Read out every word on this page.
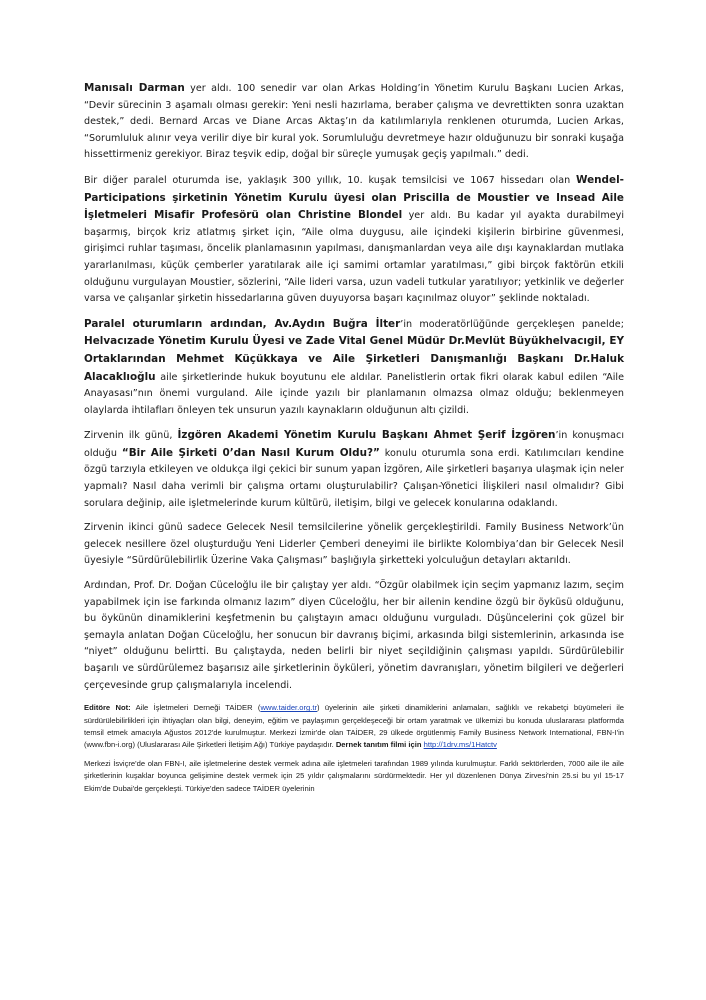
Manısalı Darman yer aldı. 100 senedir var olan Arkas Holding’in Yönetim Kurulu Başkanı Lucien Arkas, “Devir sürecinin 3 aşamalı olması gerekir: Yeni nesli hazırlama, beraber çalışma ve devrettikten sonra uzaktan destek,” dedi. Bernard Arcas ve Diane Arcas Aktaş’ın da katılımlarıyla renklenen oturumda, Lucien Arkas, “Sorumluluk alınır veya verilir diye bir kural yok. Sorumluluğu devretmeye hazır olduğunuzu bir sonraki kuşağa hissettirmeniz gerekiyor. Biraz teşvik edip, doğal bir süreçle yumuşak geçiş yapılmalı.” dedi.

Bir diğer paralel oturumda ise, yaklaşık 300 yıllık, 10. kuşak temsilcisi ve 1067 hissedarı olan Wendel-Participations şirketinin Yönetim Kurulu üyesi olan Priscilla de Moustier ve Insead Aile İşletmeleri Misafir Profesörü olan Christine Blondel yer aldı. Bu kadar yıl ayakta durabilmeyi başarmış, birçok kriz atlatmış şirket için, “Aile olma duygusu, aile içindeki kişilerin birbirine güvenmesi, girişimci ruhlar taşıması, öncelik planlamasının yapılması, danışmanlardan veya aile dışı kaynaklardan mutlaka yararlanılması, küçük çemberler yaratılarak aile içi samimi ortamlar yaratılması,” gibi birçok faktörün etkili olduğunu vurgulayan Moustier, sözlerini, “Aile lideri varsa, uzun vadeli tutkular yaratılıyor; yetkinlik ve değerler varsa ve çalışanlar şirketin hissedarlarına güven duyuyorsa başarı kaçınılmaz oluyor” şeklinde noktaladı.

Paralel oturumların ardından, Av.Aydın Buğra İlter’in moderatörlüğünde gerçekleşen panelde; Helvacızade Yönetim Kurulu Üyesi ve Zade Vital Genel Müdür Dr.Mevlüt Büyükhelvacıgil, EY Ortaklarından Mehmet Küçükkaya ve Aile Şirketleri Danışmanlığı Başkanı Dr.Haluk Alacaklıoğlu aile şirketlerinde hukuk boyutunu ele aldılar. Panelistlerin ortak fikri olarak kabul edilen “Aile Anayasası”nın önemi vurguland. Aile içinde yazılı bir planlamanın olmazsa olmaz olduğu; beklenmeyen olaylarda ihtilafları önleyen tek unsurun yazılı kaynakların olduğunun altı çizildi.

Zirvenin ilk günü, İzgören Akademi Yönetim Kurulu Başkanı Ahmet Şerif İzgören’in konuşmacı olduğu “Bir Aile Şirketi 0’dan Nasıl Kurum Oldu?” konulu oturumla sona erdi. Katılımcıları kendine özgü tarzıyla etkileyen ve oldukça ilgi çekici bir sunum yapan İzgören, Aile şirketleri başarıya ulaşmak için neler yapmalı? Nasıl daha verimli bir çalışma ortamı oluşturulabilir? Çalışan-Yönetici İlişkileri nasıl olmalıdır? Gibi sorulara değinip, aile işletmelerinde kurum kültürü, iletişim, bilgi ve gelecek konularına odaklandı.

Zirvenin ikinci günü sadece Gelecek Nesil temsilcilerine yönelik gerçekleştirildi. Family Business Network’ün gelecek nesillere özel oluşturduğu Yeni Liderler Çemberi deneyimi ile birlikte Kolombiya’dan bir Gelecek Nesil üyesiyle “Sürdürülebilirlik Üzerine Vaka Çalışması” başlığıyla şirketteki yolculuğun detayları aktarıldı.

Ardından, Prof. Dr. Doğan Cüceloğlu ile bir çalıştay yer aldı. “Özgür olabilmek için seçim yapmanız lazım, seçim yapabilmek için ise farkında olmanız lazım” diyen Cüceloğlu, her bir ailenin kendine özgü bir öyküsü olduğunu, bu öykünün dinamiklerini keşfetmenin bu çalıştayın amacı olduğunu vurguladı. Düşüncelerini çok güzel bir şemayla anlatan Doğan Cüceloğlu, her sonucun bir davranış biçimi, arkasında bilgi sistemlerinin, arkasında ise “niyet” olduğunu belirtti. Bu çalıştayda, neden belirli bir niyet seçildiğinin çalışması yapıldı. Sürdürülebilir başarılı ve sürdürülemez başarısız aile şirketlerinin öyküleri, yönetim davranışları, yönetim bilgileri ve değerleri çerçevesinde grup çalışmalarıyla incelendi.

Editöre Not: Aile İşletmeleri Derneği TAİDER (www.taider.org.tr) üyelerinin aile şirketi dinamiklerini anlamaları, sağlıklı ve rekabetçi büyümeleri ile sürdürülebilirlikleri için ihtiyaçları olan bilgi, deneyim, eğitim ve paylaşımın gerçekleşeceği bir ortam yaratmak ve ülkemizi bu konuda uluslararası platformda temsil etmek amacıyla Ağustos 2012'de kurulmuştur. Merkezi İzmir'de olan TAİDER, 29 ülkede örgütlenmiş Family Business Network International, FBN-I'in (www.fbn-i.org) (Uluslararası Aile Şirketleri İletişim Ağı) Türkiye paydaşıdır. Dernek tanıtım filmi için http://1drv.ms/1Hatctv

Merkezi İsviçre'de olan FBN-I, aile işletmelerine destek vermek adına aile işletmeleri tarafından 1989 yılında kurulmuştur. Farklı sektörlerden, 7000 aile ile aile şirketlerinin kuşaklar boyunca gelişimine destek vermek için 25 yıldır çalışmalarını sürdürmektedir. Her yıl düzenlenen Dünya Zirvesi'nin 25.si bu yıl 15-17 Ekim'de Dubai'de gerçekleşti. Türkiye'den sadece TAİDER üyelerinin
